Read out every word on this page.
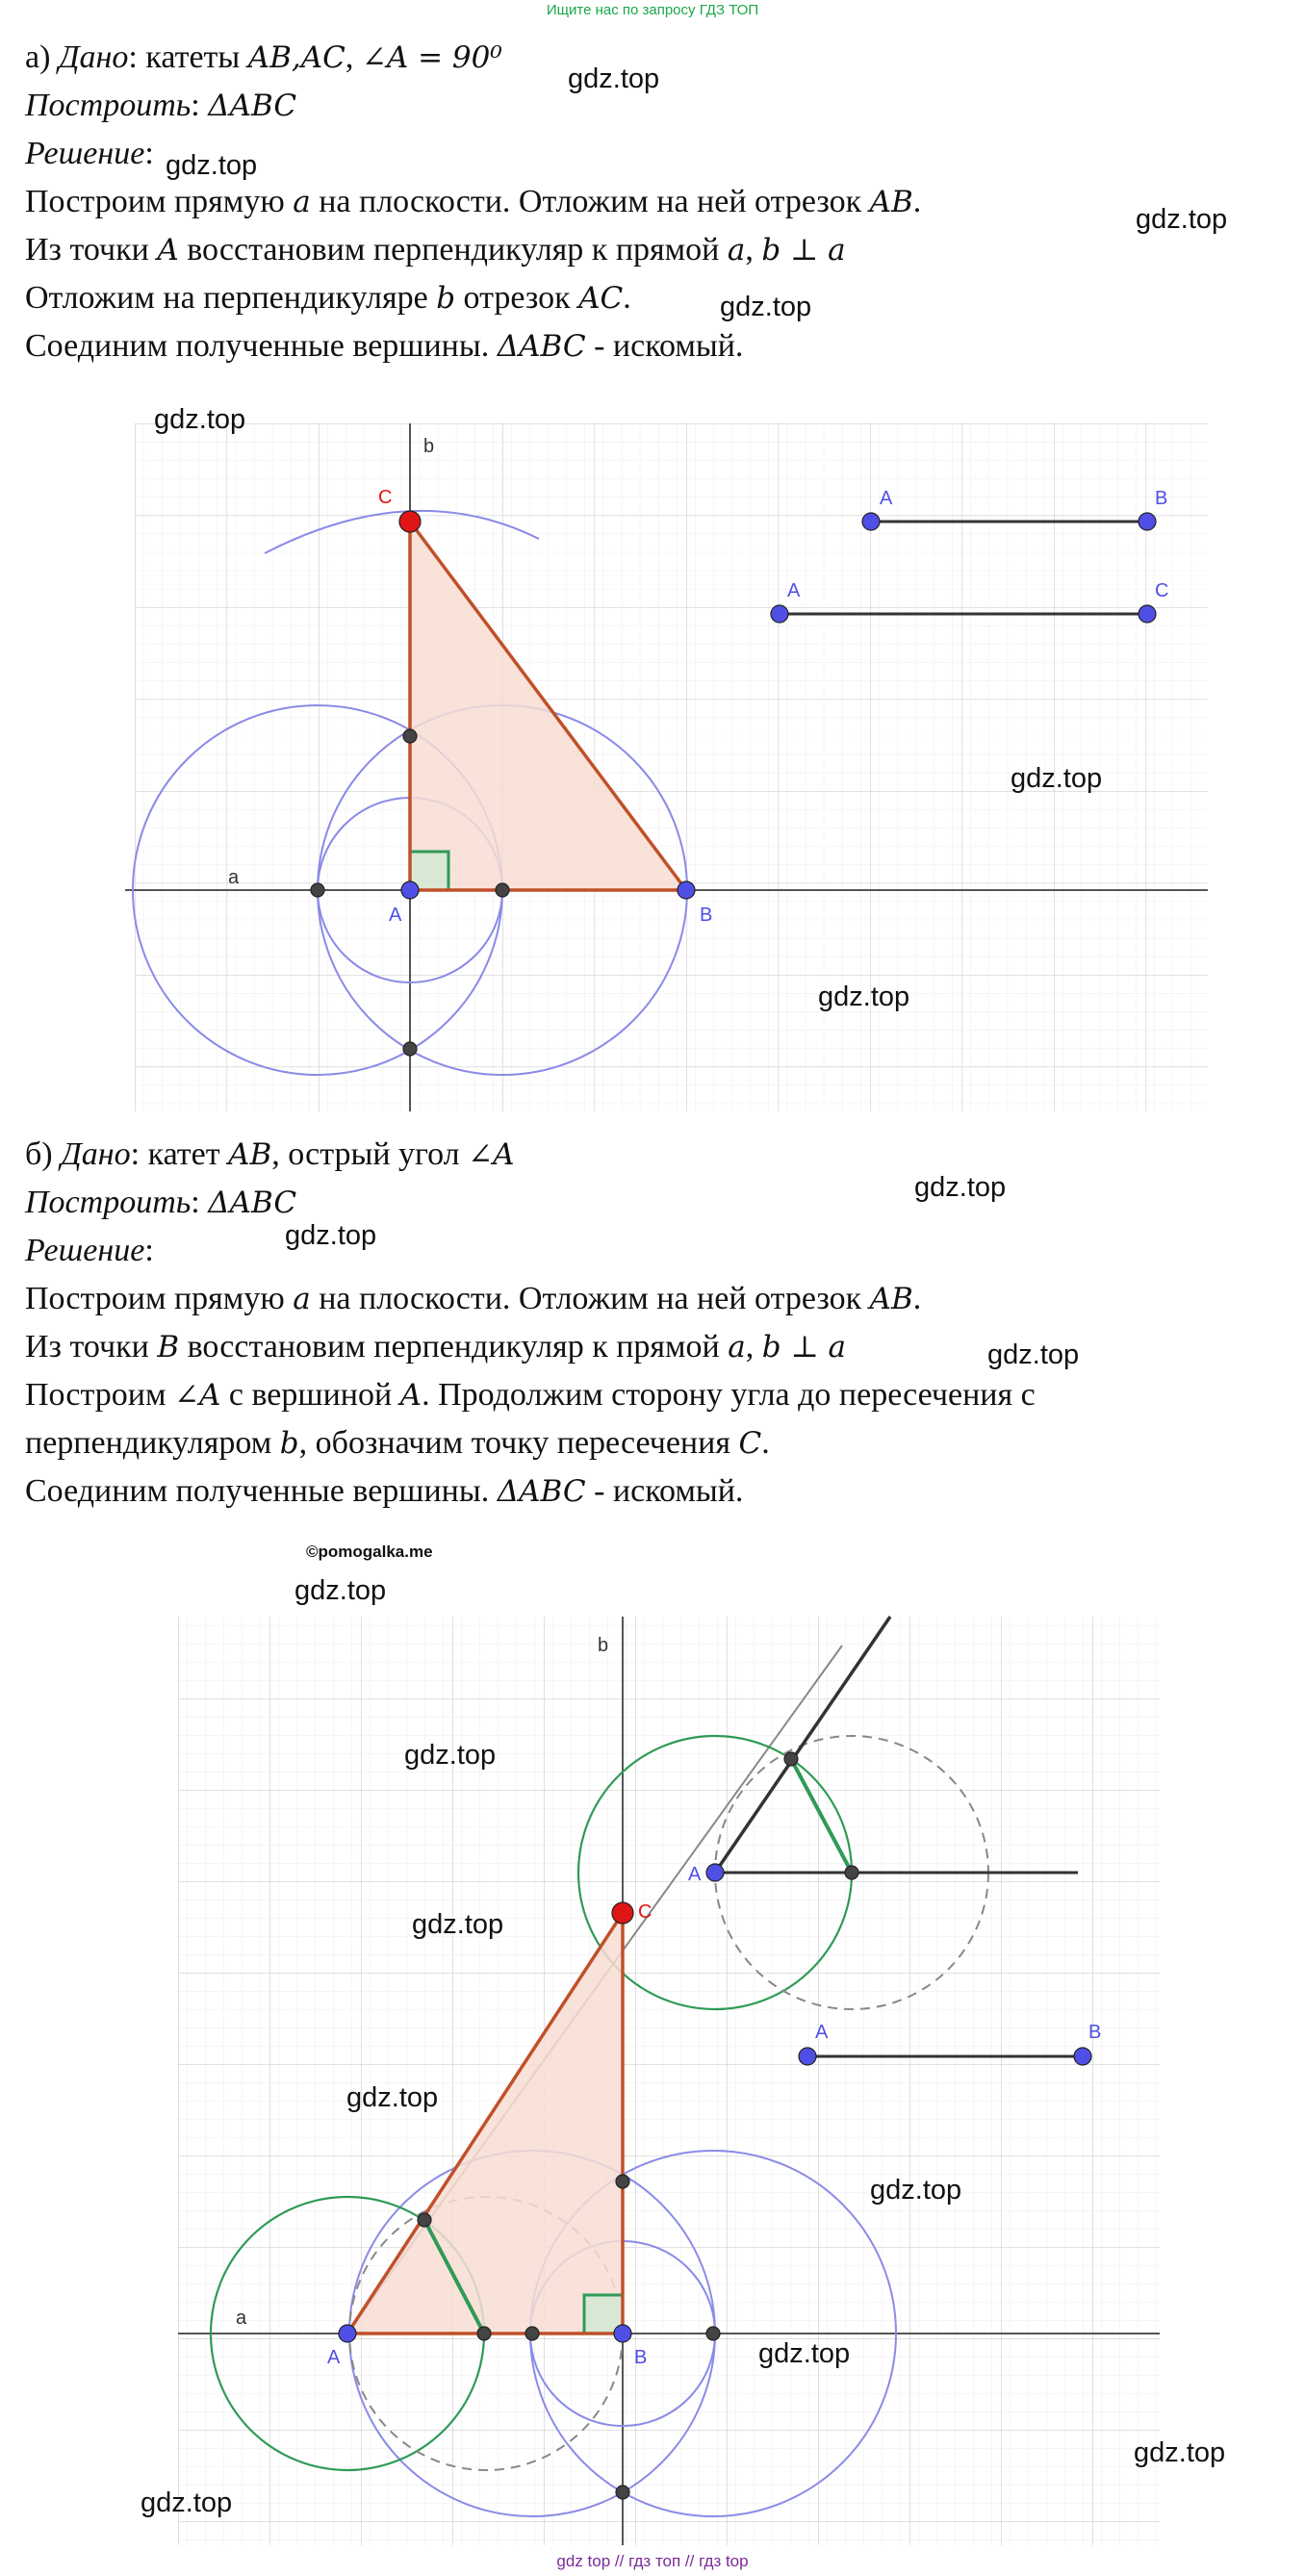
Ищите нас по запросу ГДЗ ТОП
а) Дано: катеты AB,AC, ∠A = 90⁰
Построить: ΔABC
Решение:
Построим прямую a на плоскости. Отложим на ней отрезок AB.
Из точки A восстановим перпендикуляр к прямой a, b ⊥ a
Отложим на перпендикуляре b отрезок AC.
Соединим полученные вершины. ΔABC - искомый.
a
b
A	B
C	A	B
A	C
б) Дано: катет AB, острый угол ∠A
Построить: ΔABC
Решение:
Построим прямую a на плоскости. Отложим на ней отрезок AB.
Из точки B восстановим перпендикуляр к прямой a, b ⊥ a
Построим ∠A с вершиной A. Продолжим сторону угла до пересечения с
перпендикуляром b, обозначим точку пересечения C.
Соединим полученные вершины. ΔABC - искомый.
©pomogalka.me
a
b
A	B
C
A
A	B
gdz.top
gdz.top
gdz.top
gdz.top
gdz.top
gdz.top
gdz.top
gdz.top
gdz.top
gdz.top
gdz.top
gdz.top
gdz.top
gdz.top
gdz.top
gdz.top
gdz.top
gdz.top
gdz top // гдз топ // гдз top
